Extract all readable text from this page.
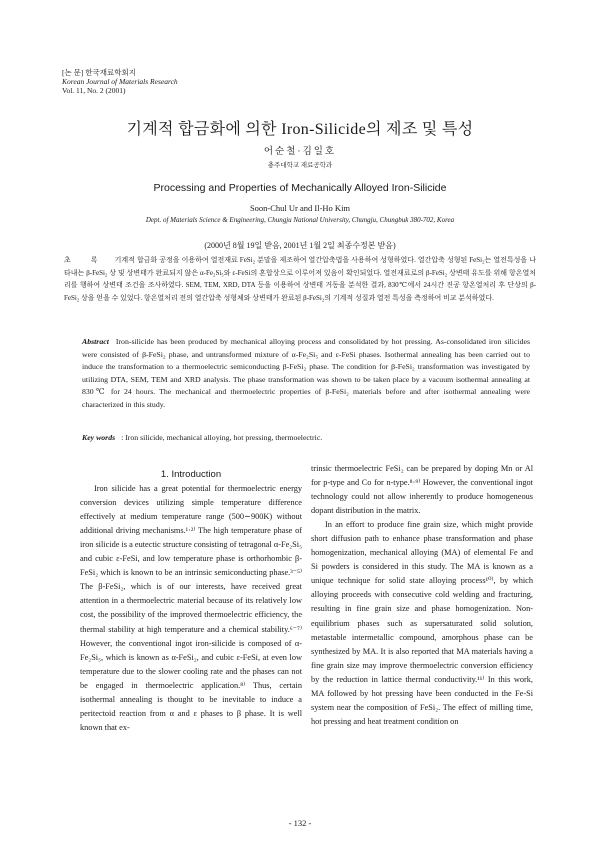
[논 문] 한국재료학회지
Korean Journal of Materials Research
Vol. 11, No. 2 (2001)
기계적 합금화에 의한 Iron-Silicide의 제조 및 특성
어순철·김일호
충주대학교 재료공학과
Processing and Properties of Mechanically Alloyed Iron-Silicide
Soon-Chul Ur and Il-Ho Kim
Dept. of Materials Science & Engineering, Chungju National University, Chungju, Chungbuk 380-702, Korea
(2000년 8월 19일 받음, 2001년 1월 2일 최종수정본 받음)
초 록 기계적 합금화 공정을 이용하여 열전재료 FeSi₂ 분말을 제조하여 열간압축법을 사용하여 성형하였다. 열간압축 성형된 FeSi₂는 열전특성을 나타내는 β-FeSi₂ 상 및 상변태가 완료되지 않은 α-Fe₂Si₅와 ε-FeSi의 혼합상으로 이루어져 있음이 확인되었다. 열전재료로의 β-FeSi₂ 상변태 유도를 위해 항온열처리를 행하여 상변태 조건을 조사하였다. SEM, TEM, XRD, DTA 등을 이용하여 상변태 거동을 분석한 결과, 830℃에서 24시간 진공 항온열처리 후 단상의 β-FeSi₂ 상을 얻을 수 있었다. 항온열처리 전의 열간압축 성형체와 상변태가 완료된 β-FeSi₂의 기계적 성질과 열전 특성을 측정하여 비교 분석하였다.
Abstract Iron-silicide has been produced by mechanical alloying process and consolidated by hot pressing. As-consolidated iron silicides were consisted of β-FeSi₂ phase, and untransformed mixture of α-Fe₂Si₅ and ε-FeSi phases. Isothermal annealing has been carried out to induce the transformation to a thermoelectric semiconducting β-FeSi₂ phase. The condition for β-FeSi₂ transformation was investigated by utilizing DTA, SEM, TEM and XRD analysis. The phase transformation was shown to be taken place by a vacuum isothermal annealing at 830℃ for 24 hours. The mechanical and thermoelectric properties of β-FeSi₂ materials before and after isothermal annealing were characterized in this study.
Key words : Iron silicide, mechanical alloying, hot pressing, thermoelectric.

1. Introduction

Iron silicide has a great potential for thermoelectric energy conversion devices utilizing simple temperature difference effectively at medium temperature range (500∼900K) without additional driving mechanisms.¹·²⁾ The high temperature phase of iron silicide is a eutectic structure consisting of tetragonal α-Fe₂Si₅ and cubic ε-FeSi, and low temperature phase is orthorhombic β-FeSi₂ which is known to be an intrinsic semiconducting phase.³⁻⁵⁾ The β-FeSi₂, which is of our interests, have received great attention in a thermoelectric material because of its relatively low cost, the possibility of the improved thermoelectric efficiency, the thermal stability at high temperature and a chemical stability.⁶⁻⁷⁾ However, the conventional ingot iron-silicide is composed of α-Fe₂Si₅, which is known as α-FeSi₂, and cubic ε-FeSi, at even low temperature due to the slower cooling rate and the phases can not be engaged in thermoelectric application.⁸⁾ Thus, certain isothermal annealing is thought to be inevitable to induce a peritectoid reaction from α and ε phases to β phase. It is well known that ex-

trinsic thermoelectric FeSi₂ can be prepared by doping Mn or Al for p-type and Co for n-type.⁸·⁹⁾ However, the conventional ingot technology could not allow inherently to produce homogeneous dopant distribution in the matrix.

In an effort to produce fine grain size, which might provide short diffusion path to enhance phase transformation and phase homogenization, mechanical alloying (MA) of elemental Fe and Si powders is considered in this study. The MA is known as a unique technique for solid state alloying process¹⁰⁾, by which alloying proceeds with consecutive cold welding and fracturing, resulting in fine grain size and phase homogenization. Non-equilibrium phases such as supersaturated solid solution, metastable intermetallic compound, amorphous phase can be synthesized by MA. It is also reported that MA materials having a fine grain size may improve thermoelectric conversion efficiency by the reduction in lattice thermal conductivity.¹¹⁾ In this work, MA followed by hot pressing have been conducted in the Fe-Si system near the composition of FeSi₂. The effect of milling time, hot pressing and heat treatment condition on

- 132 -
